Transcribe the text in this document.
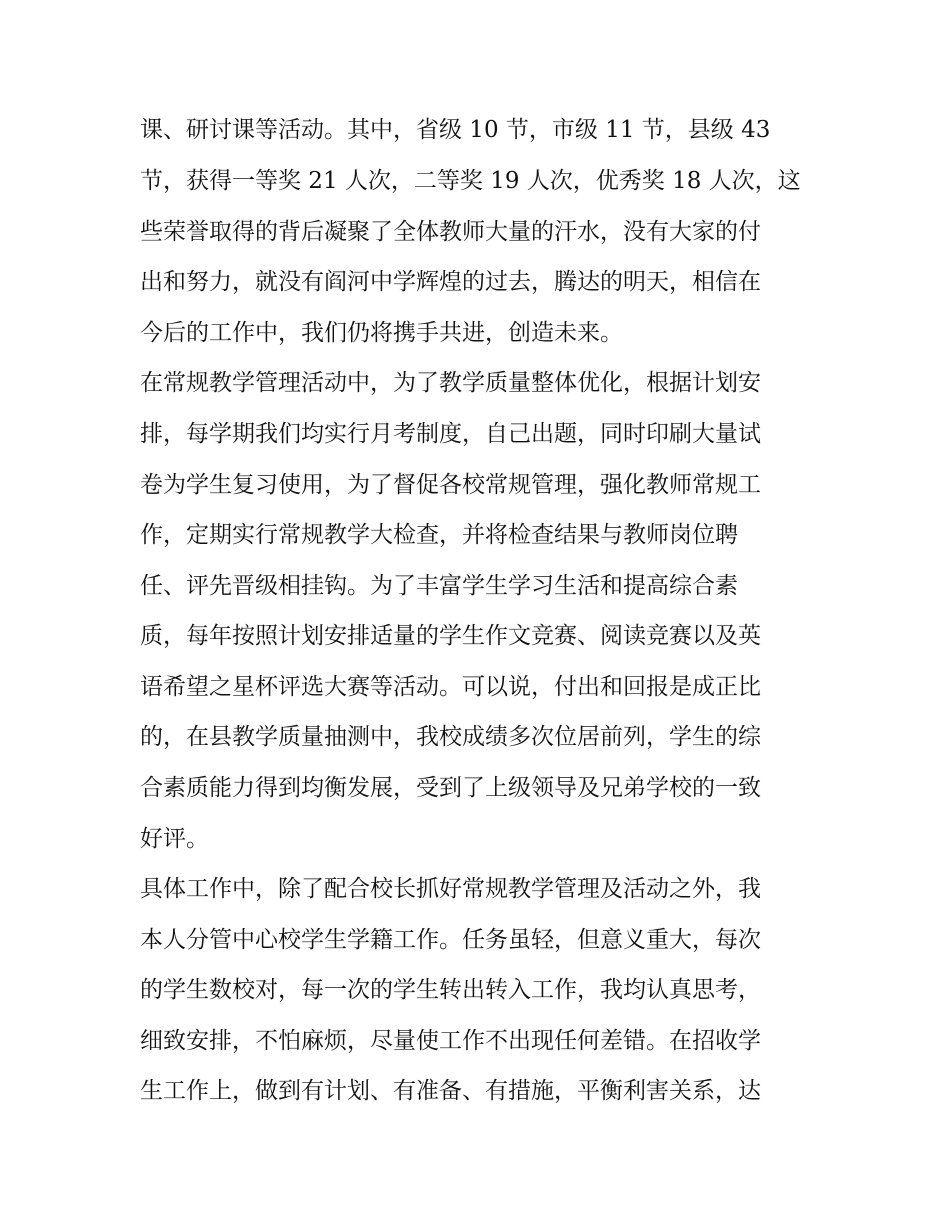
课、研讨课等活动。其中，省级 10 节，市级 11 节，县级 43

节，获得一等奖 21 人次，二等奖 19 人次，优秀奖 18 人次，这

些荣誉取得的背后凝聚了全体教师大量的汗水，没有大家的付

出和努力，就没有阎河中学辉煌的过去，腾达的明天，相信在

今后的工作中，我们仍将携手共进，创造未来。

在常规教学管理活动中，为了教学质量整体优化，根据计划安

排，每学期我们均实行月考制度，自己出题，同时印刷大量试

卷为学生复习使用，为了督促各校常规管理，强化教师常规工

作，定期实行常规教学大检查，并将检查结果与教师岗位聘

任、评先晋级相挂钩。为了丰富学生学习生活和提高综合素

质，每年按照计划安排适量的学生作文竞赛、阅读竞赛以及英

语希望之星杯评选大赛等活动。可以说，付出和回报是成正比

的，在县教学质量抽测中，我校成绩多次位居前列，学生的综

合素质能力得到均衡发展，受到了上级领导及兄弟学校的一致

好评。

具体工作中，除了配合校长抓好常规教学管理及活动之外，我

本人分管中心校学生学籍工作。任务虽轻，但意义重大，每次

的学生数校对，每一次的学生转出转入工作，我均认真思考，

细致安排，不怕麻烦，尽量使工作不出现任何差错。在招收学

生工作上，做到有计划、有准备、有措施，平衡利害关系，达
